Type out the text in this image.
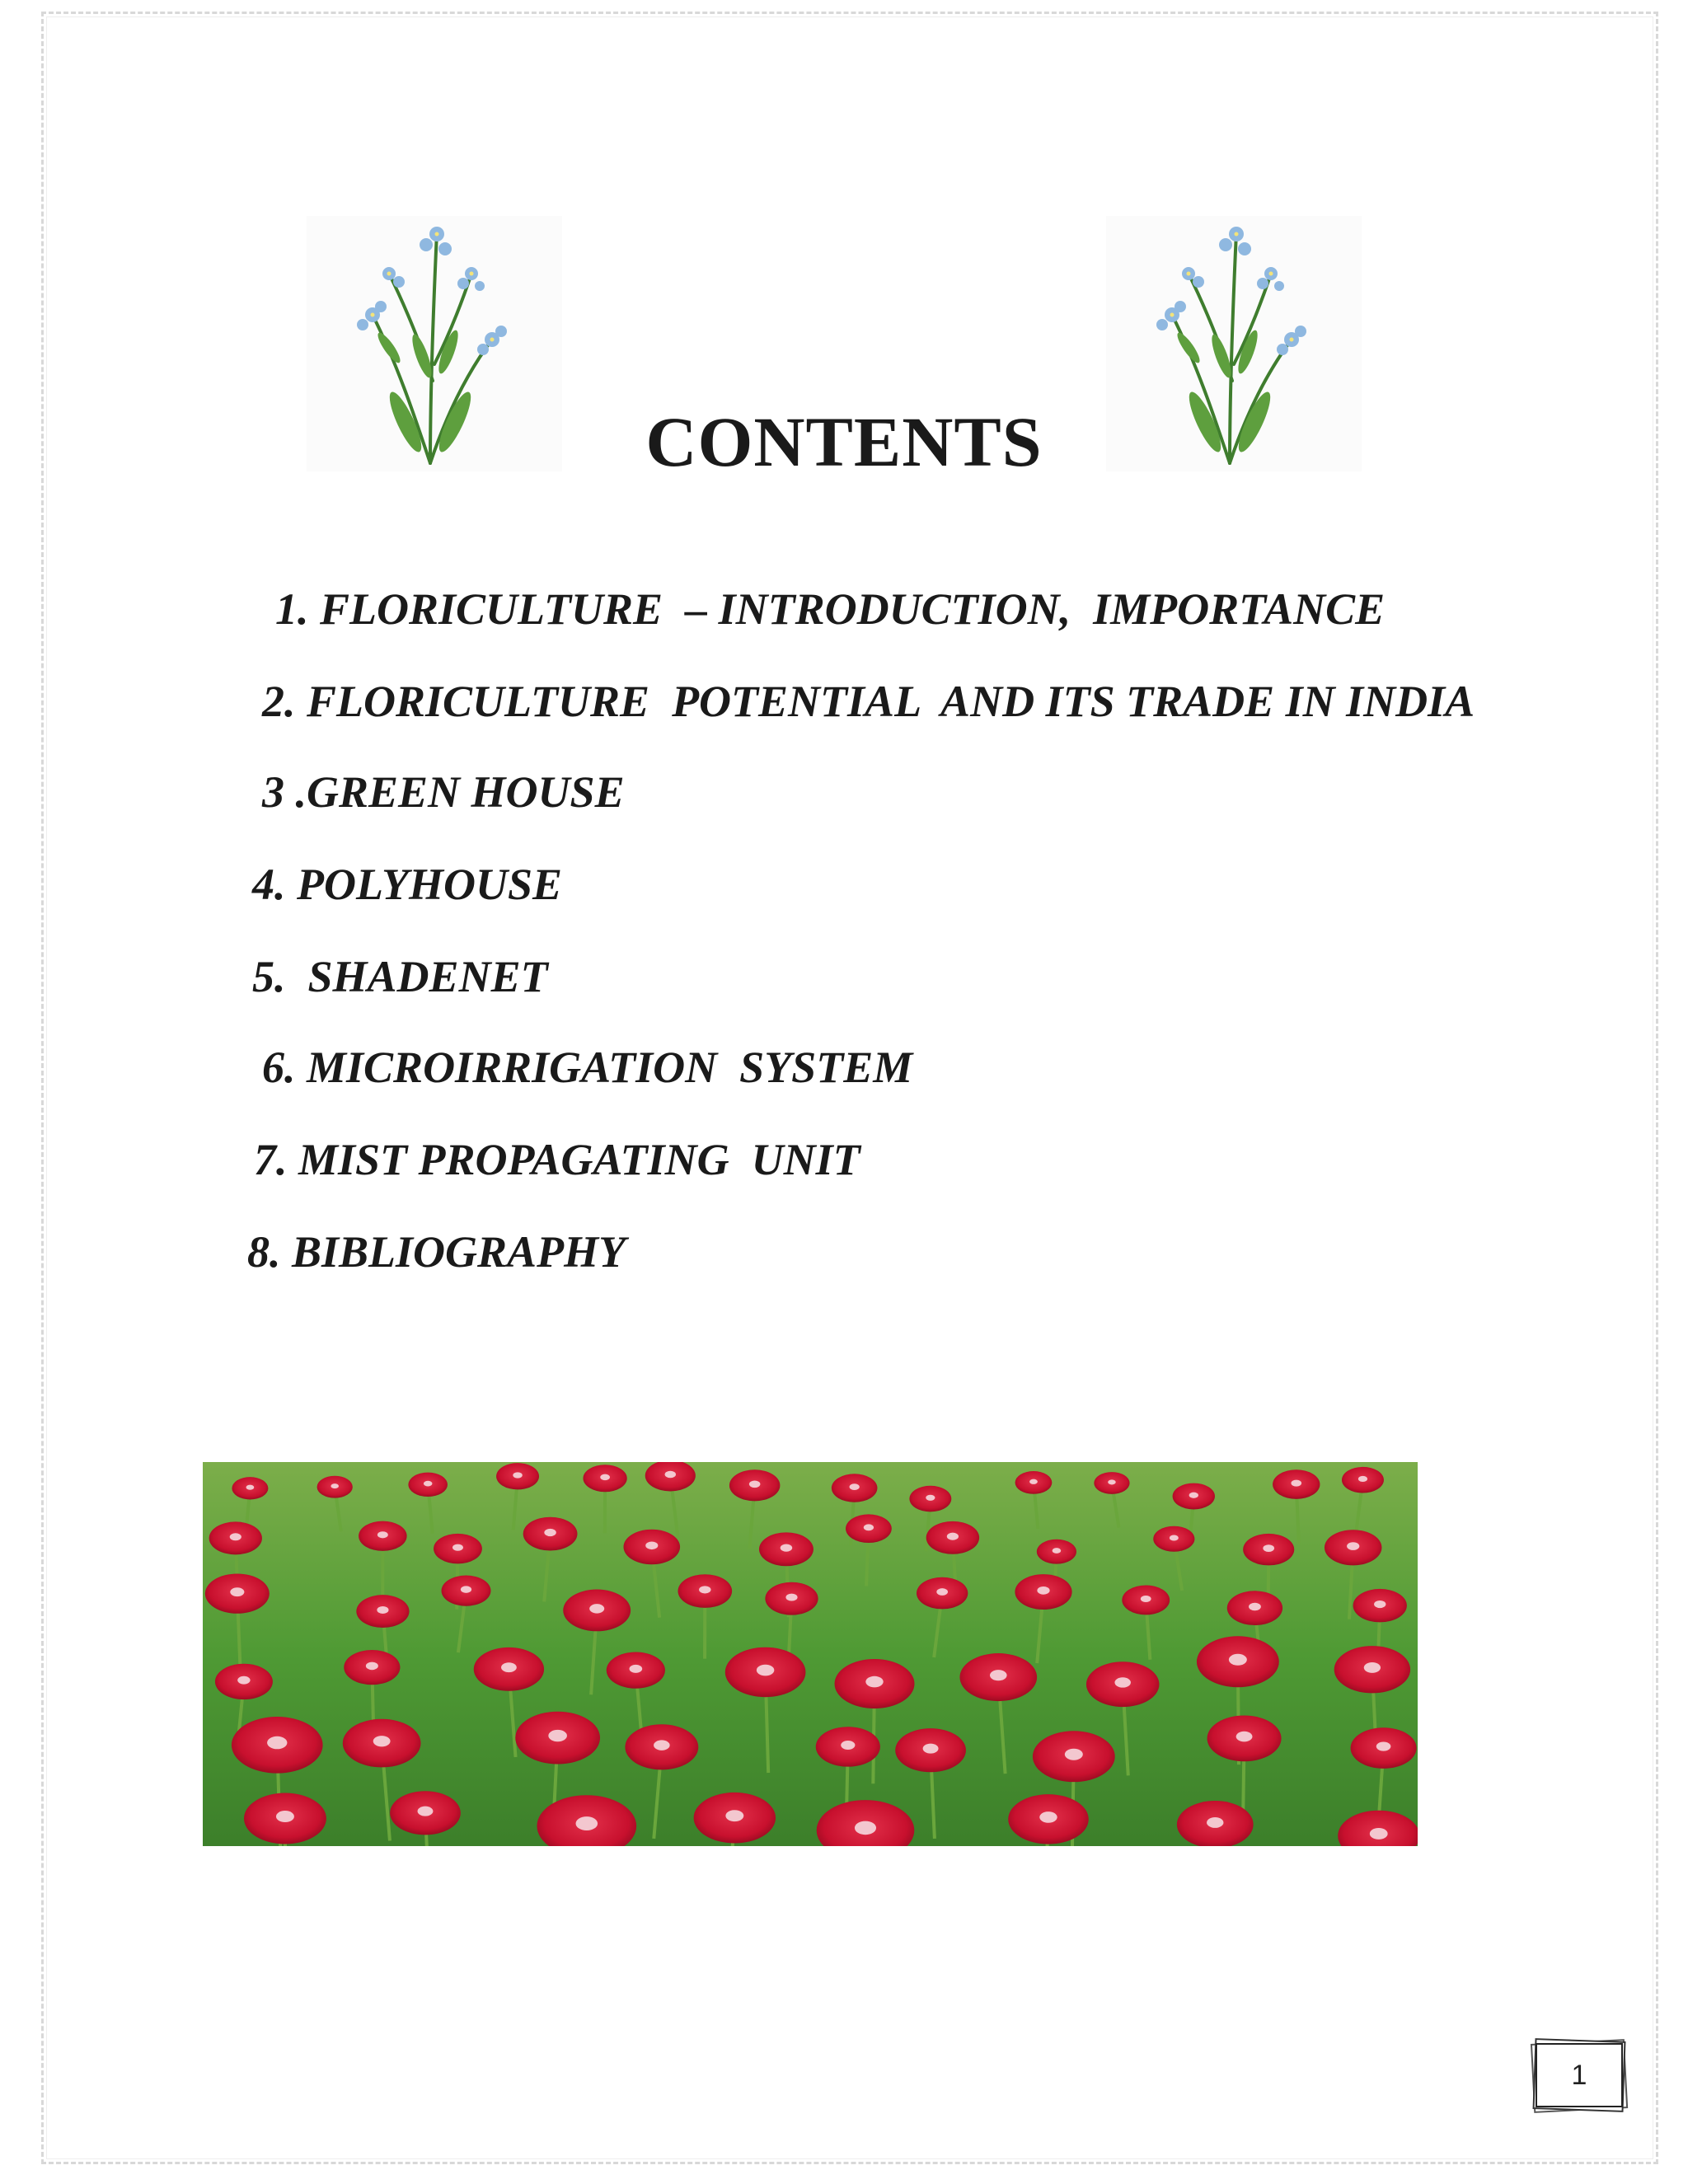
CONTENTS

1. FLORICULTURE  – INTRODUCTION,  IMPORTANCE

2. FLORICULTURE  POTENTIAL  AND ITS TRADE IN INDIA

3 .GREEN HOUSE

4. POLYHOUSE

5.  SHADENET

6. MICROIRRIGATION  SYSTEM

7. MIST PROPAGATING  UNIT

8. BIBLIOGRAPHY

1
